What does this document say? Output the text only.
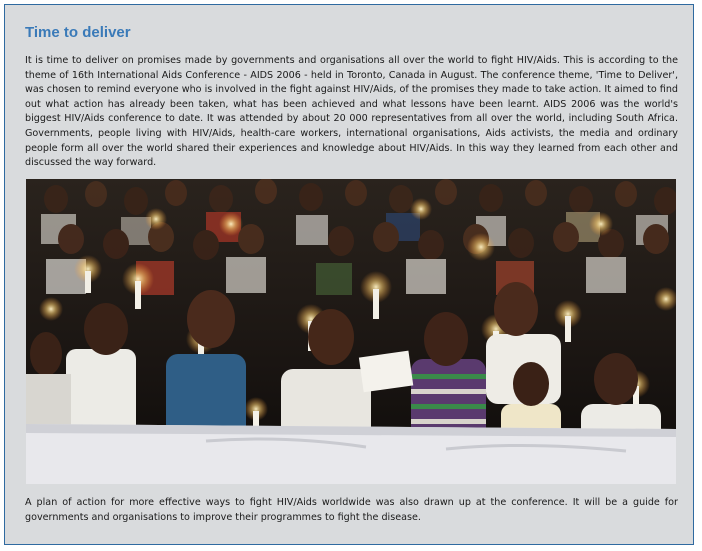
Time to deliver

It is time to deliver on promises made by governments and organisations all over the world to fight HIV/Aids. This is according to the theme of 16th International Aids Conference - AIDS 2006 - held in Toronto, Canada in August. The conference theme, 'Time to Deliver', was chosen to remind everyone who is involved in the fight against HIV/Aids, of the promises they made to take action. It aimed to find out what action has already been taken, what has been achieved and what lessons have been learnt. AIDS 2006 was the world's biggest HIV/Aids conference to date. It was attended by about 20 000 representatives from all over the world, including South Africa. Governments, people living with HIV/Aids, health-care workers, international organisations, Aids activists, the media and ordinary people form all over the world shared their experiences and knowledge about HIV/Aids. In this way they learned from each other and discussed the way forward.

A plan of action for more effective ways to fight HIV/Aids worldwide was also drawn up at the conference. It will be a guide for governments and organisations to improve their programmes to fight the disease.
